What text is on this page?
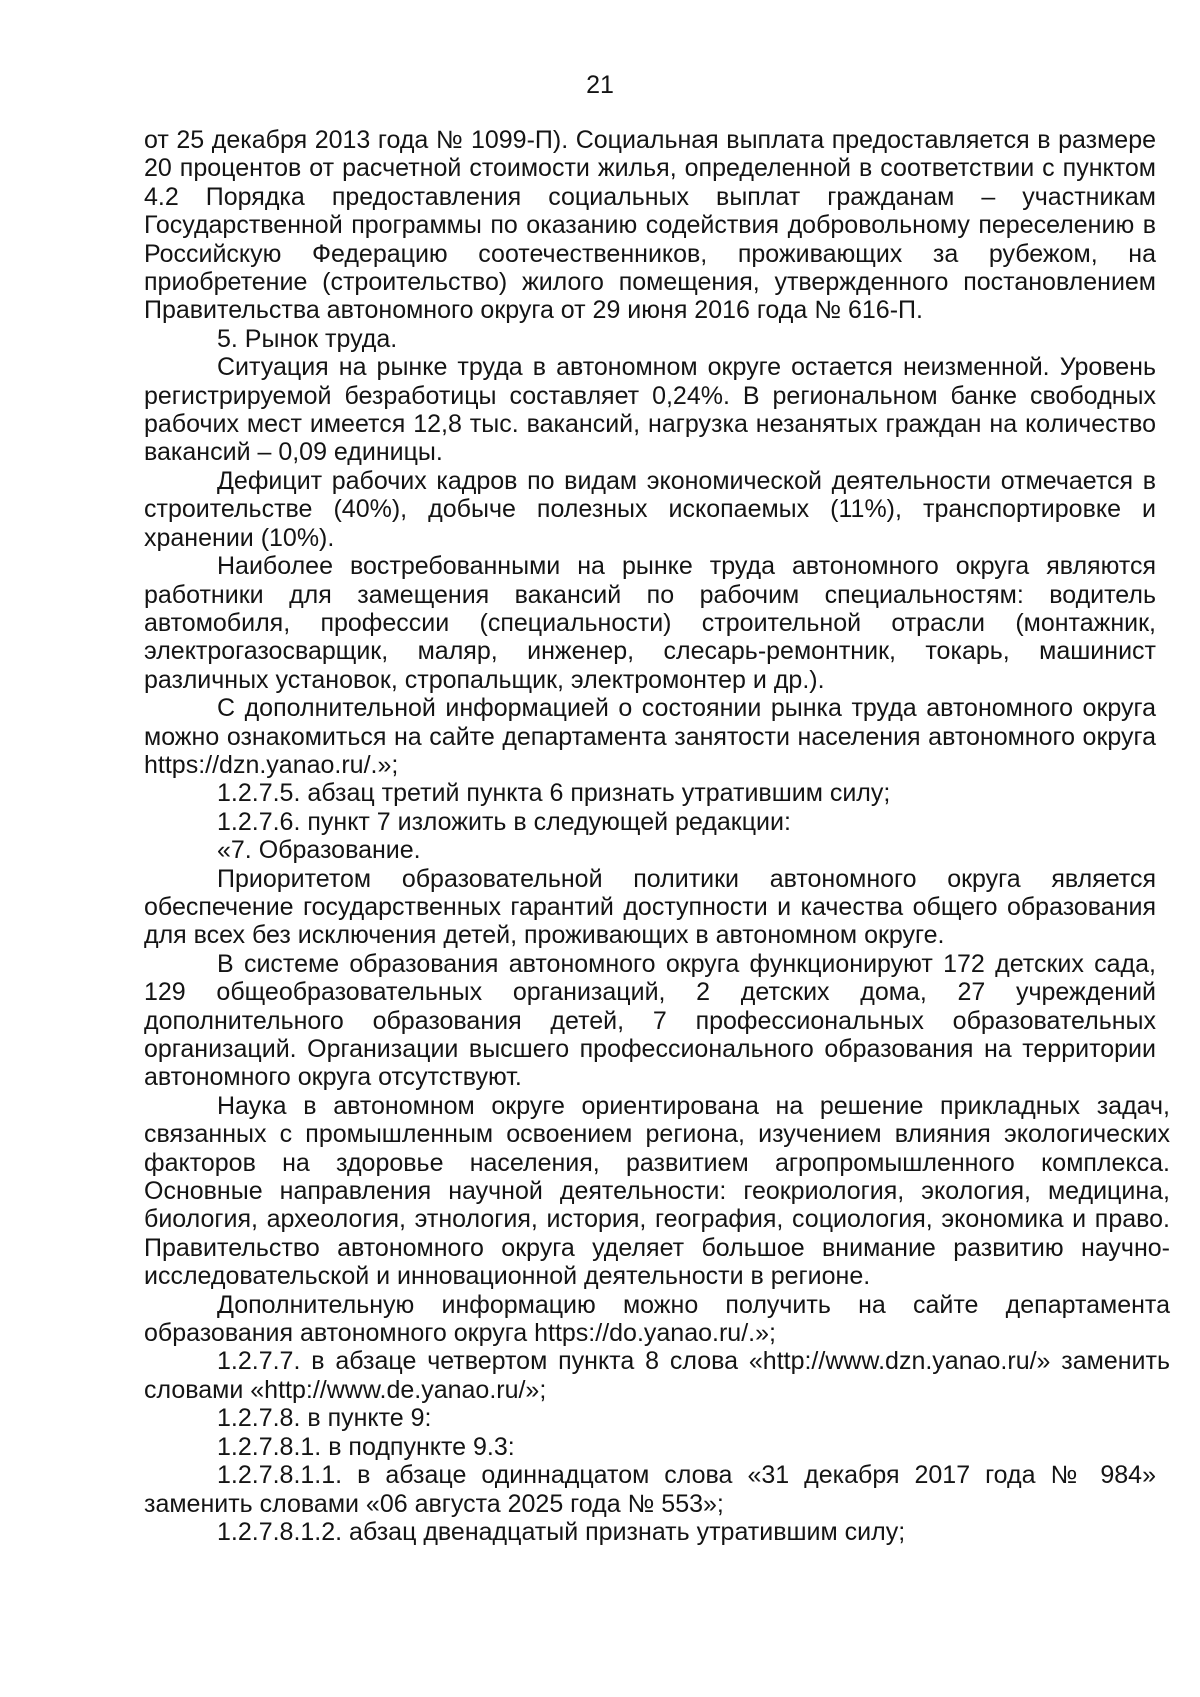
21

от 25 декабря 2013 года № 1099-П). Социальная выплата предоставляется в размере 20 процентов от расчетной стоимости жилья, определенной в соответствии с пунктом 4.2 Порядка предоставления социальных выплат гражданам – участникам Государственной программы по оказанию содействия добровольному переселению в Российскую Федерацию соотечественников, проживающих за рубежом, на приобретение (строительство) жилого помещения, утвержденного постановлением Правительства автономного округа от 29 июня 2016 года № 616-П.

5. Рынок труда.

Ситуация на рынке труда в автономном округе остается неизменной. Уровень регистрируемой безработицы составляет 0,24%. В региональном банке свободных рабочих мест имеется 12,8 тыс. вакансий, нагрузка незанятых граждан на количество вакансий – 0,09 единицы.

Дефицит рабочих кадров по видам экономической деятельности отмечается в строительстве (40%), добыче полезных ископаемых (11%), транспортировке и хранении (10%).

Наиболее востребованными на рынке труда автономного округа являются работники для замещения вакансий по рабочим специальностям: водитель автомобиля, профессии (специальности) строительной отрасли (монтажник, электрогазосварщик, маляр, инженер, слесарь-ремонтник, токарь, машинист различных установок, стропальщик, электромонтер и др.).

С дополнительной информацией о состоянии рынка труда автономного округа можно ознакомиться на сайте департамента занятости населения автономного округа https://dzn.yanao.ru/.»;

1.2.7.5. абзац третий пункта 6 признать утратившим силу;

1.2.7.6. пункт 7 изложить в следующей редакции:

«7. Образование.

Приоритетом образовательной политики автономного округа является обеспечение государственных гарантий доступности и качества общего образования для всех без исключения детей, проживающих в автономном округе.

В системе образования автономного округа функционируют 172 детских сада, 129 общеобразовательных организаций, 2 детских дома, 27 учреждений дополнительного образования детей, 7 профессиональных образовательных организаций. Организации высшего профессионального образования на территории автономного округа отсутствуют.

Наука в автономном округе ориентирована на решение прикладных задач, связанных с промышленным освоением региона, изучением влияния экологических факторов на здоровье населения, развитием агропромышленного комплекса. Основные направления научной деятельности: геокриология, экология, медицина, биология, археология, этнология, история, география, социология, экономика и право. Правительство автономного округа уделяет большое внимание развитию научно-исследовательской и инновационной деятельности в регионе.

Дополнительную информацию можно получить на сайте департамента образования автономного округа https://do.yanao.ru/.»;

1.2.7.7. в абзаце четвертом пункта 8 слова «http://www.dzn.yanao.ru/» заменить словами «http://www.de.yanao.ru/»;

1.2.7.8. в пункте 9:

1.2.7.8.1. в подпункте 9.3:

1.2.7.8.1.1. в абзаце одиннадцатом слова «31 декабря 2017 года № 984» заменить словами «06 августа 2025 года № 553»;

1.2.7.8.1.2. абзац двенадцатый признать утратившим силу;
